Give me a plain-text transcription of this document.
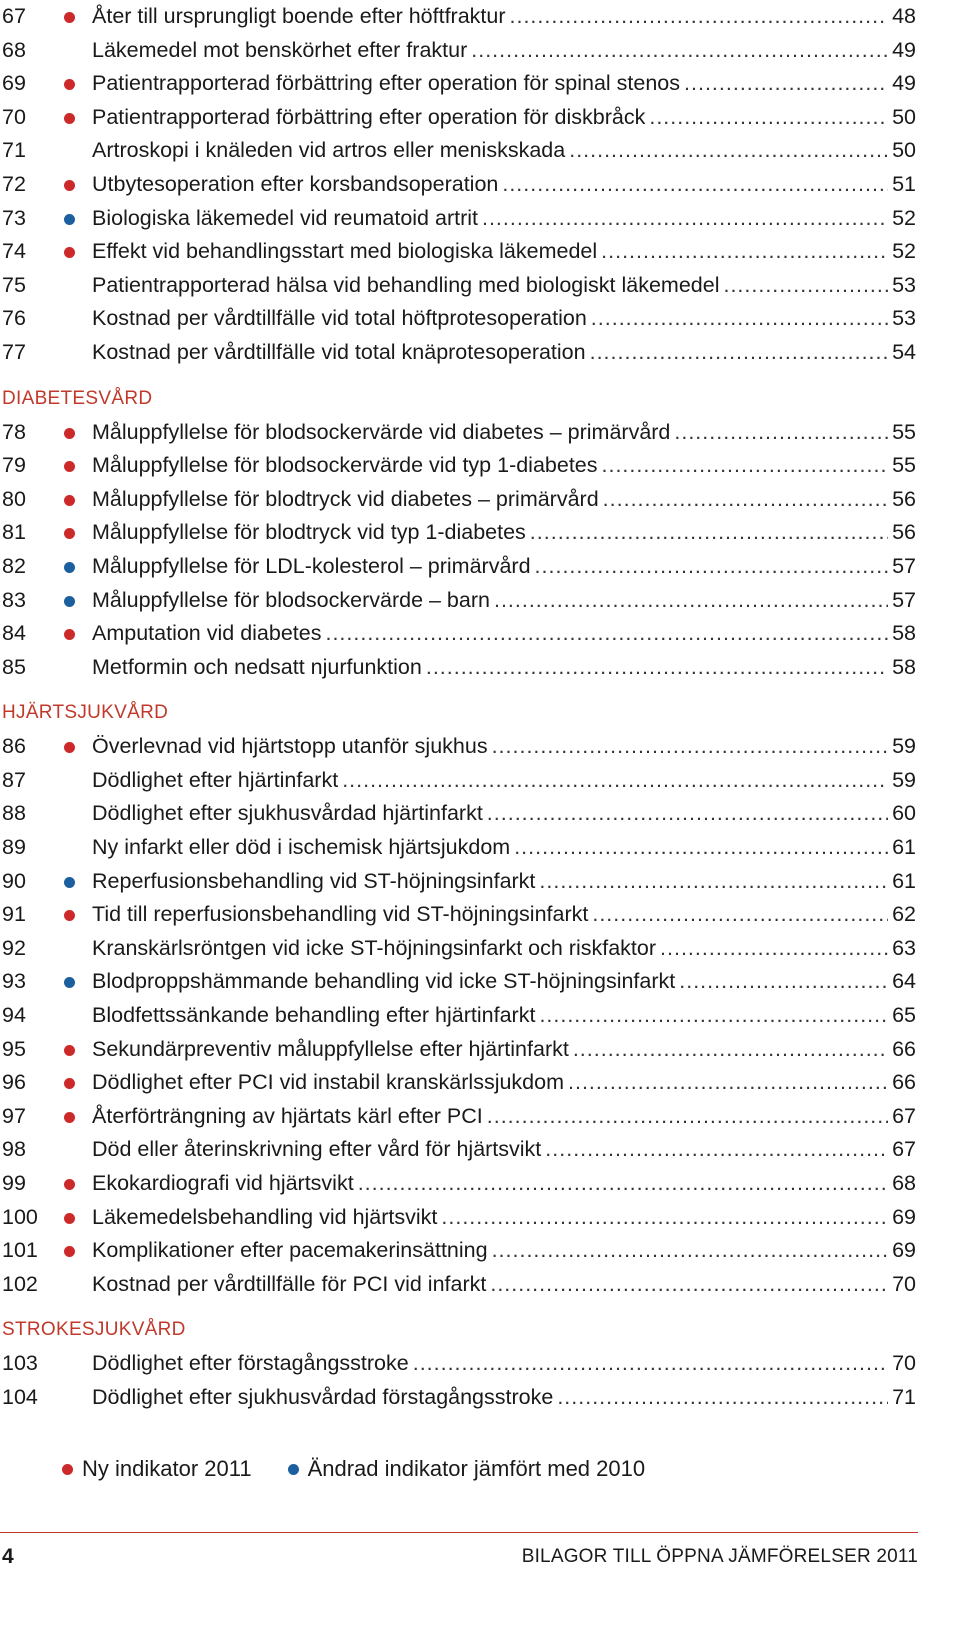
67	Åter till ursprungligt boende efter höftfraktur .....	48
68	Läkemedel mot benskörhet efter fraktur .....	49
69	Patientrapporterad förbättring efter operation för spinal stenos .....	49
70	Patientrapporterad förbättring efter operation för diskbråck .....	50
71	Artroskopi i knäleden vid artros eller meniskskada .....	50
72	Utbytesoperation efter korsbandsoperation .....	51
73	Biologiska läkemedel vid reumatoid artrit .....	52
74	Effekt vid behandlingsstart med biologiska läkemedel .....	52
75	Patientrapporterad hälsa vid behandling med biologiskt läkemedel .....	53
76	Kostnad per vårdtillfälle vid total höftprotesoperation .....	53
77	Kostnad per vårdtillfälle vid total knäprotesoperation .....	54
DIABETESVÅRD
78	Måluppfyllelse för blodsockervärde vid diabetes – primärvård .....	55
79	Måluppfyllelse för blodsockervärde vid typ 1-diabetes .....	55
80	Måluppfyllelse för blodtryck vid diabetes – primärvård .....	56
81	Måluppfyllelse för blodtryck vid typ 1-diabetes .....	56
82	Måluppfyllelse för LDL-kolesterol – primärvård .....	57
83	Måluppfyllelse för blodsockervärde – barn .....	57
84	Amputation vid diabetes .....	58
85	Metformin och nedsatt njurfunktion .....	58
HJÄRTSJUKVÅRD
86	Överlevnad vid hjärtstopp utanför sjukhus .....	59
87	Dödlighet efter hjärtinfarkt .....	59
88	Dödlighet efter sjukhusvårdad hjärtinfarkt .....	60
89	Ny infarkt eller död i ischemisk hjärtsjukdom .....	61
90	Reperfusionsbehandling vid ST-höjningsinfarkt .....	61
91	Tid till reperfusionsbehandling vid ST-höjningsinfarkt .....	62
92	Kranskärlsröntgen vid icke ST-höjningsinfarkt och riskfaktor .....	63
93	Blodproppshämmande behandling vid icke ST-höjningsinfarkt .....	64
94	Blodfettssänkande behandling efter hjärtinfarkt .....	65
95	Sekundärpreventiv måluppfyllelse efter hjärtinfarkt .....	66
96	Dödlighet efter PCI vid instabil kranskärlssjukdom .....	66
97	Återförträngning av hjärtats kärl efter PCI .....	67
98	Död eller återinskrivning efter vård för hjärtsvikt .....	67
99	Ekokardiografi vid hjärtsvikt .....	68
100	Läkemedelsbehandling vid hjärtsvikt .....	69
101	Komplikationer efter pacemakerinsättning .....	69
102	Kostnad per vårdtillfälle för PCI vid infarkt .....	70
STROKESJUKVÅRD
103	Dödlighet efter förstagångsstroke .....	70
104	Dödlighet efter sjukhusvårdad förstagångsstroke .....	71
Ny indikator 2011	Ändrad indikator jämfört med 2010
4	BILAGOR TILL ÖPPNA JÄMFÖRELSER 2011
